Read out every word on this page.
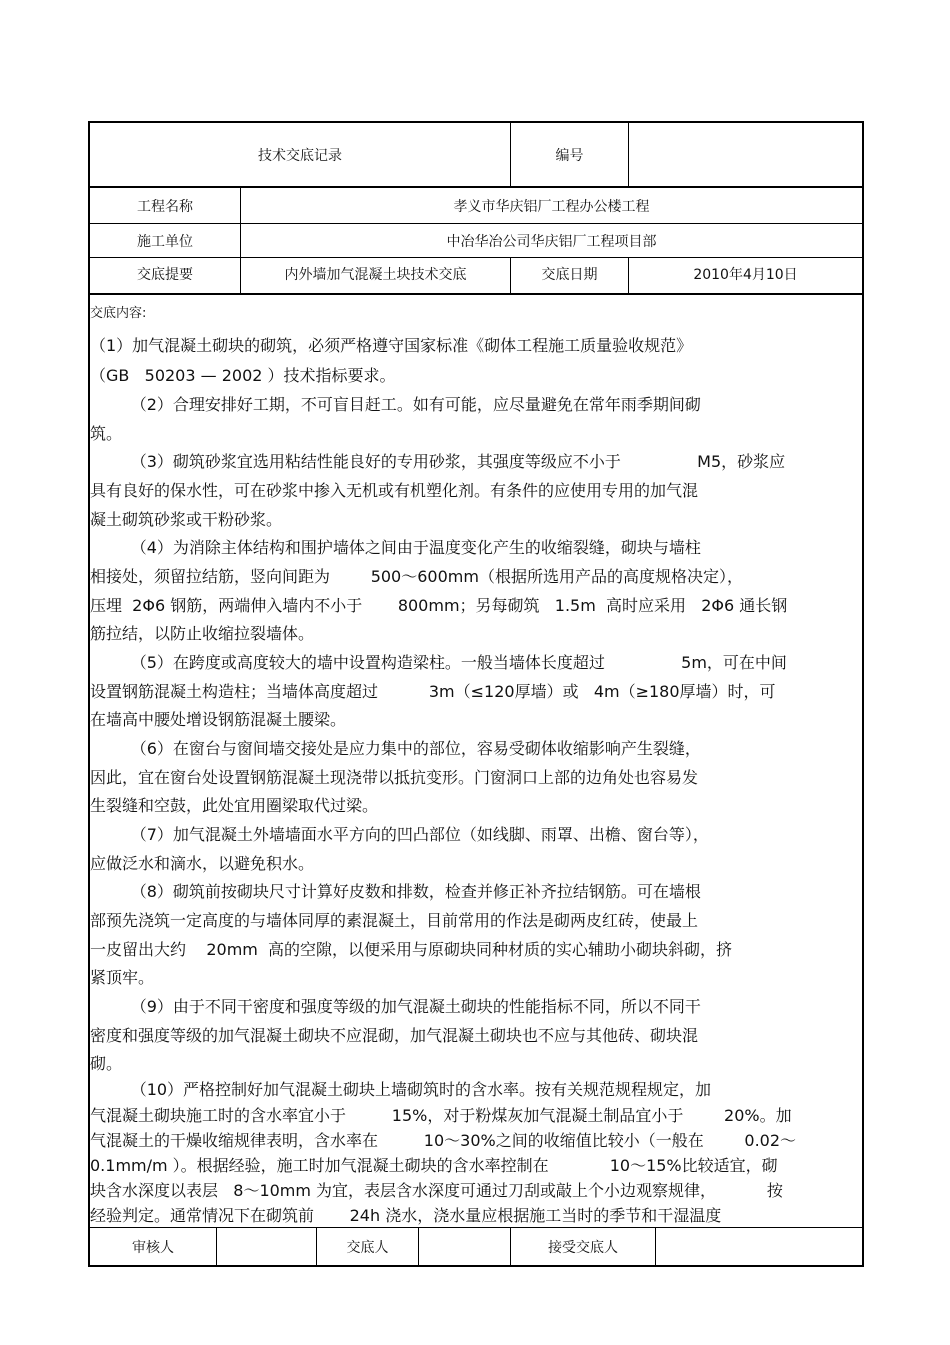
技术交底记录	编号
工程名称	孝义市华庆铝厂工程办公楼工程
施工单位	中冶华冶公司华庆铝厂工程项目部
交底提要	内外墙加气混凝土块技术交底	交底日期	2010年4月10日
交底内容:
（1）加气混凝土砌块的砌筑，必须严格遵守国家标准《砌体工程施工质量验收规范》
（GB   50203 — 2002 ）技术指标要求。
（2）合理安排好工期，不可盲目赶工。如有可能，应尽量避免在常年雨季期间砌
筑。
（3）砌筑砂浆宜选用粘结性能良好的专用砂浆，其强度等级应不小于               M5，砂浆应
具有良好的保水性，可在砂浆中掺入无机或有机塑化剂。有条件的应使用专用的加气混
凝土砌筑砂浆或干粉砂浆。
（4）为消除主体结构和围护墙体之间由于温度变化产生的收缩裂缝，砌块与墙柱
相接处，须留拉结筋，竖向间距为        500～600mm（根据所选用产品的高度规格决定），
压埋  2Φ6 钢筋，两端伸入墙内不小于       800mm；另每砌筑   1.5m  高时应采用   2Φ6 通长钢
筋拉结，以防止收缩拉裂墙体。
（5）在跨度或高度较大的墙中设置构造梁柱。一般当墙体长度超过               5m，可在中间
设置钢筋混凝土构造柱；当墙体高度超过          3m（≤120厚墙）或   4m（≥180厚墙）时，可
在墙高中腰处增设钢筋混凝土腰梁。
（6）在窗台与窗间墙交接处是应力集中的部位，容易受砌体收缩影响产生裂缝，
因此，宜在窗台处设置钢筋混凝土现浇带以抵抗变形。门窗洞口上部的边角处也容易发
生裂缝和空鼓，此处宜用圈梁取代过梁。
（7）加气混凝土外墙墙面水平方向的凹凸部位（如线脚、雨罩、出檐、窗台等），
应做泛水和滴水，以避免积水。
（8）砌筑前按砌块尺寸计算好皮数和排数，检查并修正补齐拉结钢筋。可在墙根
部预先浇筑一定高度的与墙体同厚的素混凝土，目前常用的作法是砌两皮红砖，使最上
一皮留出大约    20mm  高的空隙，以便采用与原砌块同种材质的实心辅助小砌块斜砌，挤
紧顶牢。
（9）由于不同干密度和强度等级的加气混凝土砌块的性能指标不同，所以不同干
密度和强度等级的加气混凝土砌块不应混砌，加气混凝土砌块也不应与其他砖、砌块混
砌。
（10）严格控制好加气混凝土砌块上墙砌筑时的含水率。按有关规范规程规定，加
气混凝土砌块施工时的含水率宜小于         15%，对于粉煤灰加气混凝土制品宜小于        20%。加
气混凝土的干燥收缩规律表明，含水率在         10～30%之间的收缩值比较小（一般在        0.02～
0.1mm/m ）。根据经验，施工时加气混凝土砌块的含水率控制在            10～15%比较适宜，砌
块含水深度以表层   8～10mm 为宜，表层含水深度可通过刀刮或敲上个小边观察规律，          按
经验判定。通常情况下在砌筑前       24h 浇水，浇水量应根据施工当时的季节和干湿温度
审核人	交底人	接受交底人
